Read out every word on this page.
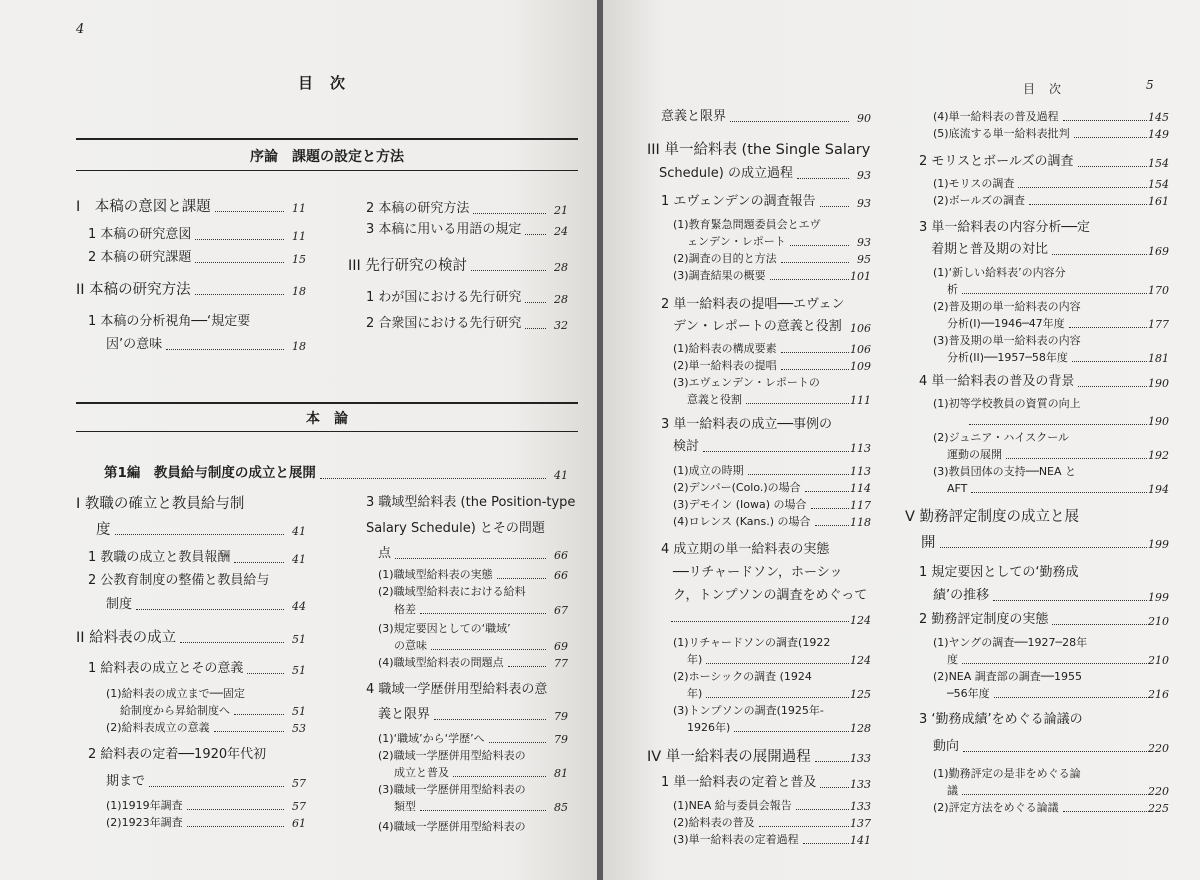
4
目　次
序論　課題の設定と方法
本　論
I　本稿の意図と課題	11
1 本稿の研究意図	11
2 本稿の研究課題	15
II 本稿の研究方法	18
1 本稿の分析視角──‘規定要
因’の意味	18
2 本稿の研究方法	21
3 本稿に用いる用語の規定	24
III 先行研究の検討	28
1 わが国における先行研究	28
2 合衆国における先行研究	32
第1編　教員給与制度の成立と展開	41
I 教職の確立と教員給与制
度	41
1 教職の成立と教員報酬	41
2 公教育制度の整備と教員給与
制度	44
II 給料表の成立	51
1 給料表の成立とその意義	51
(1)給料表の成立まで──固定
給制度から昇給制度へ	51
(2)給料表成立の意義	53
2 給料表の定着──1920年代初
期まで	57
(1)1919年調査	57
(2)1923年調査	61
3 職域型給料表 (the Position-type
Salary Schedule) とその問題
点	66
(1)職域型給料表の実態	66
(2)職域型給料表における給料
格差	67
(3)規定要因としての‘職域’
の意味	69
(4)職域型給料表の問題点	77
4 職域一学歴併用型給料表の意
義と限界	79
(1)‘職域’から‘学歴’へ	79
(2)職域一学歴併用型給料表の
成立と普及	81
(3)職域一学歴併用型給料表の
類型	85
(4)職域一学歴併用型給料表の
目　次	5
意義と限界	90
III 単一給料表 (the Single Salary
Schedule) の成立過程	93
1 エヴェンデンの調査報告	93
(1)教育緊急問題委員会とエヴ
ェンデン・レポート	93
(2)調査の目的と方法	95
(3)調査結果の概要	101
2 単一給料表の提唱──エヴェン
デン・レポートの意義と役割 106
(1)給料表の構成要素	106
(2)単一給料表の提唱	109
(3)エヴェンデン・レポートの
意義と役割	111
3 単一給料表の成立──事例の
検討	113
(1)成立の時期	113
(2)デンバー(Colo.)の場合	114
(3)デモイン (Iowa) の場合	117
(4)ロレンス (Kans.) の場合	118
4 成立期の単一給料表の実態
──リチャードソン，ホーシッ
ク，トンプソンの調査をめぐって
124
(1)リチャードソンの調査(1922
年)	124
(2)ホーシックの調査 (1924
年)	125
(3)トンプソンの調査(1925年-
1926年)	128
IV 単一給料表の展開過程	133
1 単一給料表の定着と普及	133
(1)NEA 給与委員会報告	133
(2)給料表の普及	137
(3)単一給料表の定着過程	141
(4)単一給料表の普及過程	145
(5)底流する単一給料表批判	149
2 モリスとボールズの調査	154
(1)モリスの調査	154
(2)ボールズの調査	161
3 単一給料表の内容分析──定
着期と普及期の対比	169
(1)‘新しい給料表’の内容分
析	170
(2)普及期の単一給料表の内容
分析(I)──1946─47年度	177
(3)普及期の単一給料表の内容
分析(II)──1957─58年度	181
4 単一給料表の普及の背景	190
(1)初等学校教員の資質の向上
190
(2)ジュニア・ハイスクール
運動の展開	192
(3)教員団体の支持──NEA と
AFT	194
V 勤務評定制度の成立と展
開	199
1 規定要因としての‘勤務成
績’の推移	199
2 勤務評定制度の実態	210
(1)ヤングの調査──1927─28年
度	210
(2)NEA 調査部の調査──1955
─56年度	216
3 ‘勤務成績’をめぐる論議の
動向	220
(1)勤務評定の是非をめぐる論
議	220
(2)評定方法をめぐる論議	225
